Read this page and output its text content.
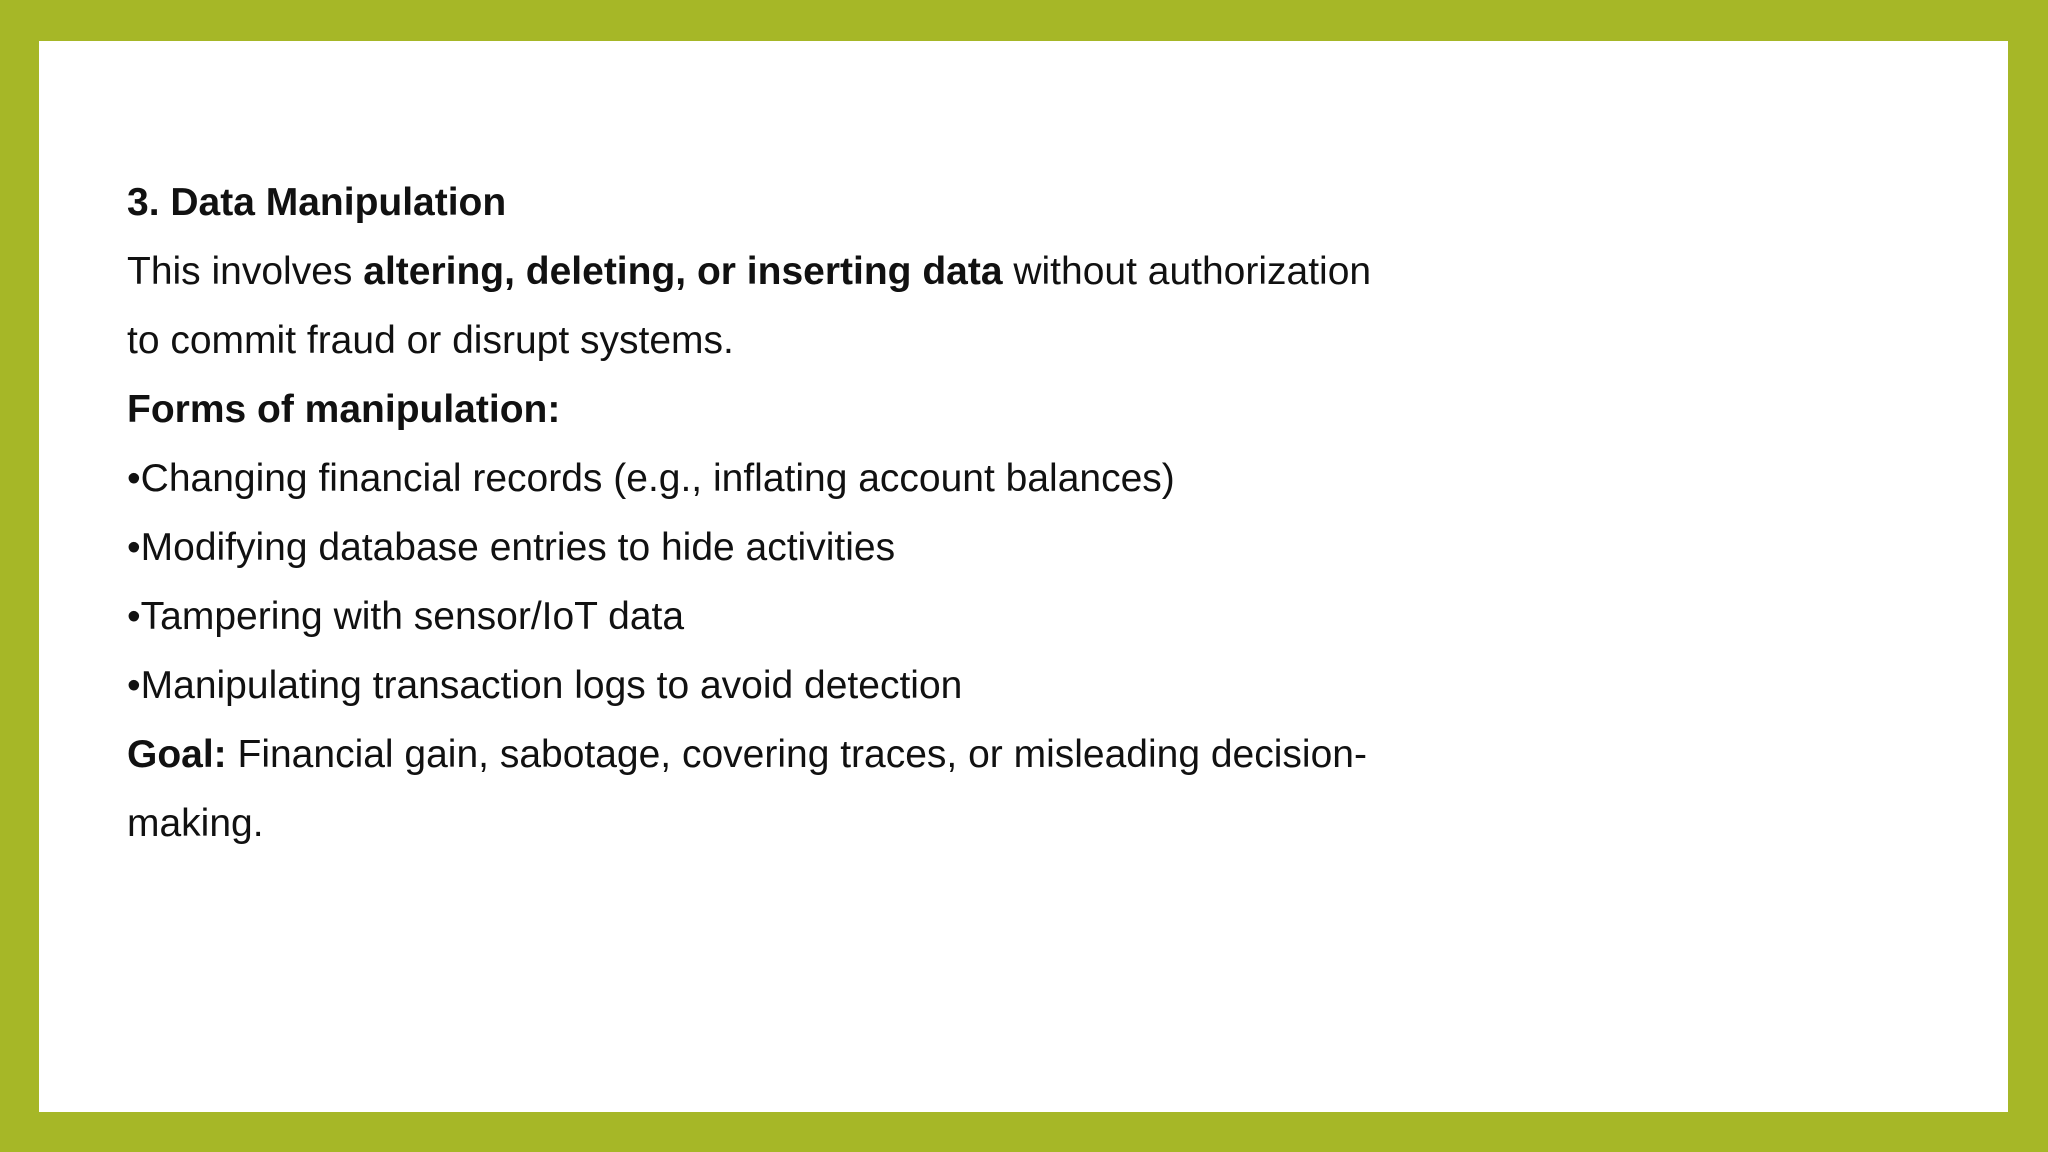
3. Data Manipulation

This involves altering, deleting, or inserting data without authorization

to commit fraud or disrupt systems.

Forms of manipulation:

•Changing financial records (e.g., inflating account balances)

•Modifying database entries to hide activities

•Tampering with sensor/IoT data

•Manipulating transaction logs to avoid detection

Goal: Financial gain, sabotage, covering traces, or misleading decision-

making.
